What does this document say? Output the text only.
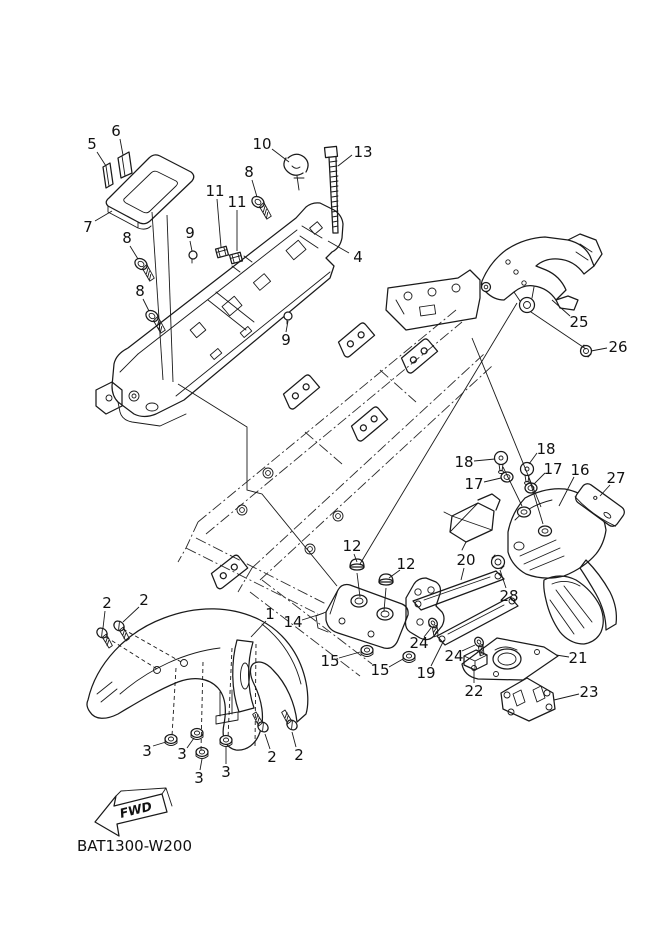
FWD
BAT1300-W200
5
6
7
10	13
8
11
11
4
8	9
8
9
25
26
18
18
17
17 16 27
12
12	20
28
14
24
24
15 15 19
21
22	23
1
2 2
2 2
3 3
3 3
